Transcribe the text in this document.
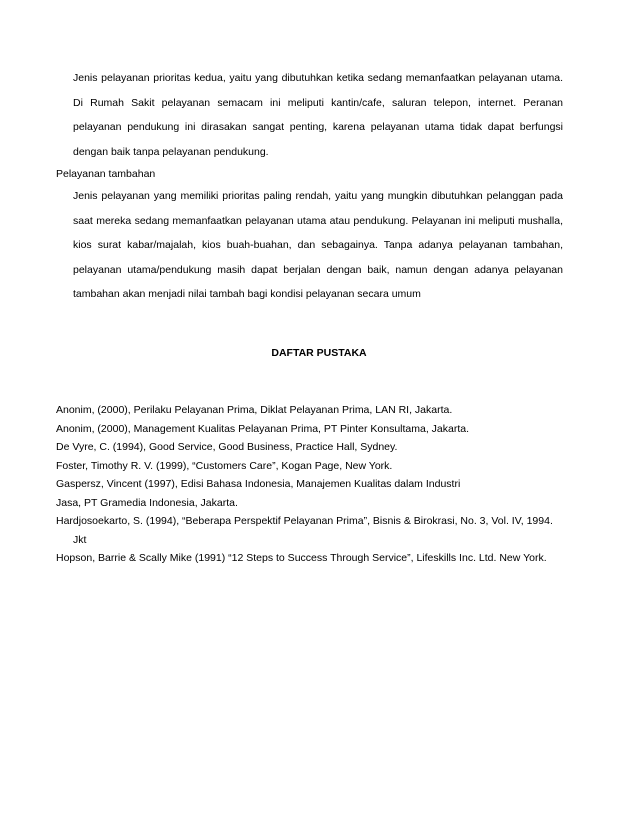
Jenis pelayanan prioritas kedua, yaitu yang dibutuhkan ketika sedang memanfaatkan pelayanan utama. Di Rumah Sakit pelayanan semacam ini meliputi kantin/cafe, saluran telepon, internet. Peranan pelayanan pendukung ini dirasakan sangat penting, karena pelayanan utama tidak dapat berfungsi dengan baik tanpa pelayanan pendukung.

Pelayanan tambahan

Jenis pelayanan yang memiliki prioritas paling rendah, yaitu yang mungkin dibutuhkan pelanggan pada saat mereka sedang memanfaatkan pelayanan utama atau pendukung. Pelayanan ini meliputi mushalla, kios surat kabar/majalah, kios buah-buahan, dan sebagainya. Tanpa adanya pelayanan tambahan, pelayanan utama/pendukung masih dapat berjalan dengan baik, namun dengan adanya pelayanan tambahan akan menjadi nilai tambah bagi kondisi pelayanan secara umum

DAFTAR PUSTAKA

Anonim, (2000), Perilaku Pelayanan Prima, Diklat Pelayanan Prima, LAN RI, Jakarta.
Anonim, (2000), Management Kualitas Pelayanan Prima, PT Pinter Konsultama, Jakarta.
De Vyre, C. (1994), Good Service, Good Business, Practice Hall, Sydney.
Foster, Timothy R. V. (1999), “Customers Care”, Kogan Page, New York.
Gaspersz, Vincent (1997), Edisi Bahasa Indonesia, Manajemen Kualitas dalam Industri
Jasa, PT Gramedia Indonesia, Jakarta.
Hardjosoekarto, S. (1994), “Beberapa Perspektif Pelayanan Prima”, Bisnis & Birokrasi, No. 3, Vol. IV, 1994. Jkt
Hopson, Barrie & Scally Mike (1991) “12 Steps to Success Through Service”, Lifeskills Inc. Ltd. New York.
